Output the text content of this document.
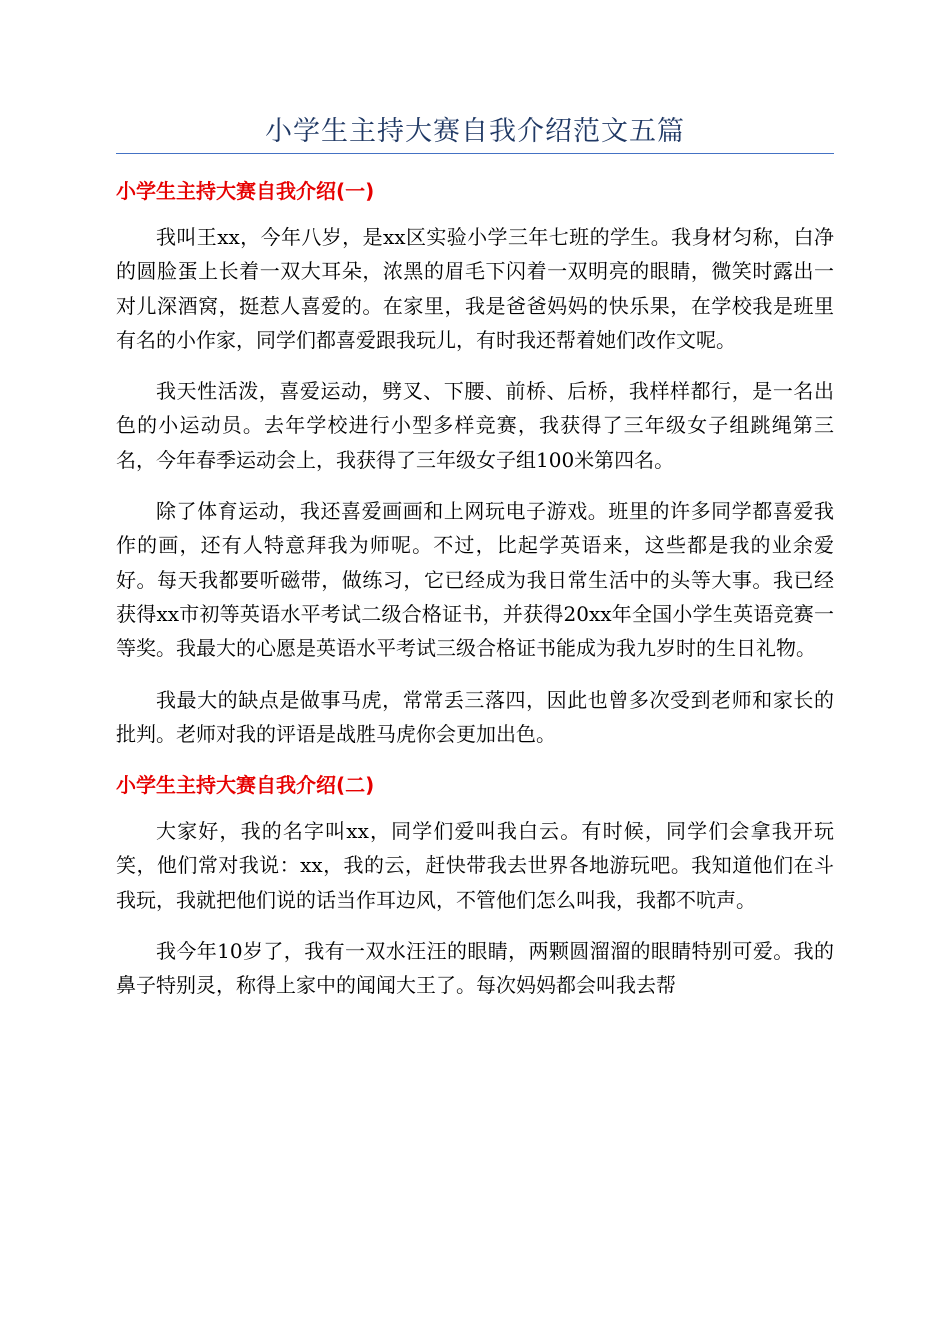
小学生主持大赛自我介绍范文五篇
小学生主持大赛自我介绍(一)

我叫王xx，今年八岁，是xx区实验小学三年七班的学生。我身材匀称，白净的圆脸蛋上长着一双大耳朵，浓黑的眉毛下闪着一双明亮的眼睛，微笑时露出一对儿深酒窝，挺惹人喜爱的。在家里，我是爸爸妈妈的快乐果，在学校我是班里有名的小作家，同学们都喜爱跟我玩儿，有时我还帮着她们改作文呢。

我天性活泼，喜爱运动，劈叉、下腰、前桥、后桥，我样样都行，是一名出色的小运动员。去年学校进行小型多样竞赛，我获得了三年级女子组跳绳第三名，今年春季运动会上，我获得了三年级女子组100米第四名。

除了体育运动，我还喜爱画画和上网玩电子游戏。班里的许多同学都喜爱我作的画，还有人特意拜我为师呢。不过，比起学英语来，这些都是我的业余爱好。每天我都要听磁带，做练习，它已经成为我日常生活中的头等大事。我已经获得xx市初等英语水平考试二级合格证书，并获得20xx年全国小学生英语竞赛一等奖。我最大的心愿是英语水平考试三级合格证书能成为我九岁时的生日礼物。

我最大的缺点是做事马虎，常常丢三落四，因此也曾多次受到老师和家长的批判。老师对我的评语是战胜马虎你会更加出色。

小学生主持大赛自我介绍(二)

大家好，我的名字叫xx，同学们爱叫我白云。有时候，同学们会拿我开玩笑，他们常对我说：xx，我的云，赶快带我去世界各地游玩吧。我知道他们在斗我玩，我就把他们说的话当作耳边风，不管他们怎么叫我，我都不吭声。

我今年10岁了，我有一双水汪汪的眼睛，两颗圆溜溜的眼睛特别可爱。我的鼻子特别灵，称得上家中的闻闻大王了。每次妈妈都会叫我去帮
